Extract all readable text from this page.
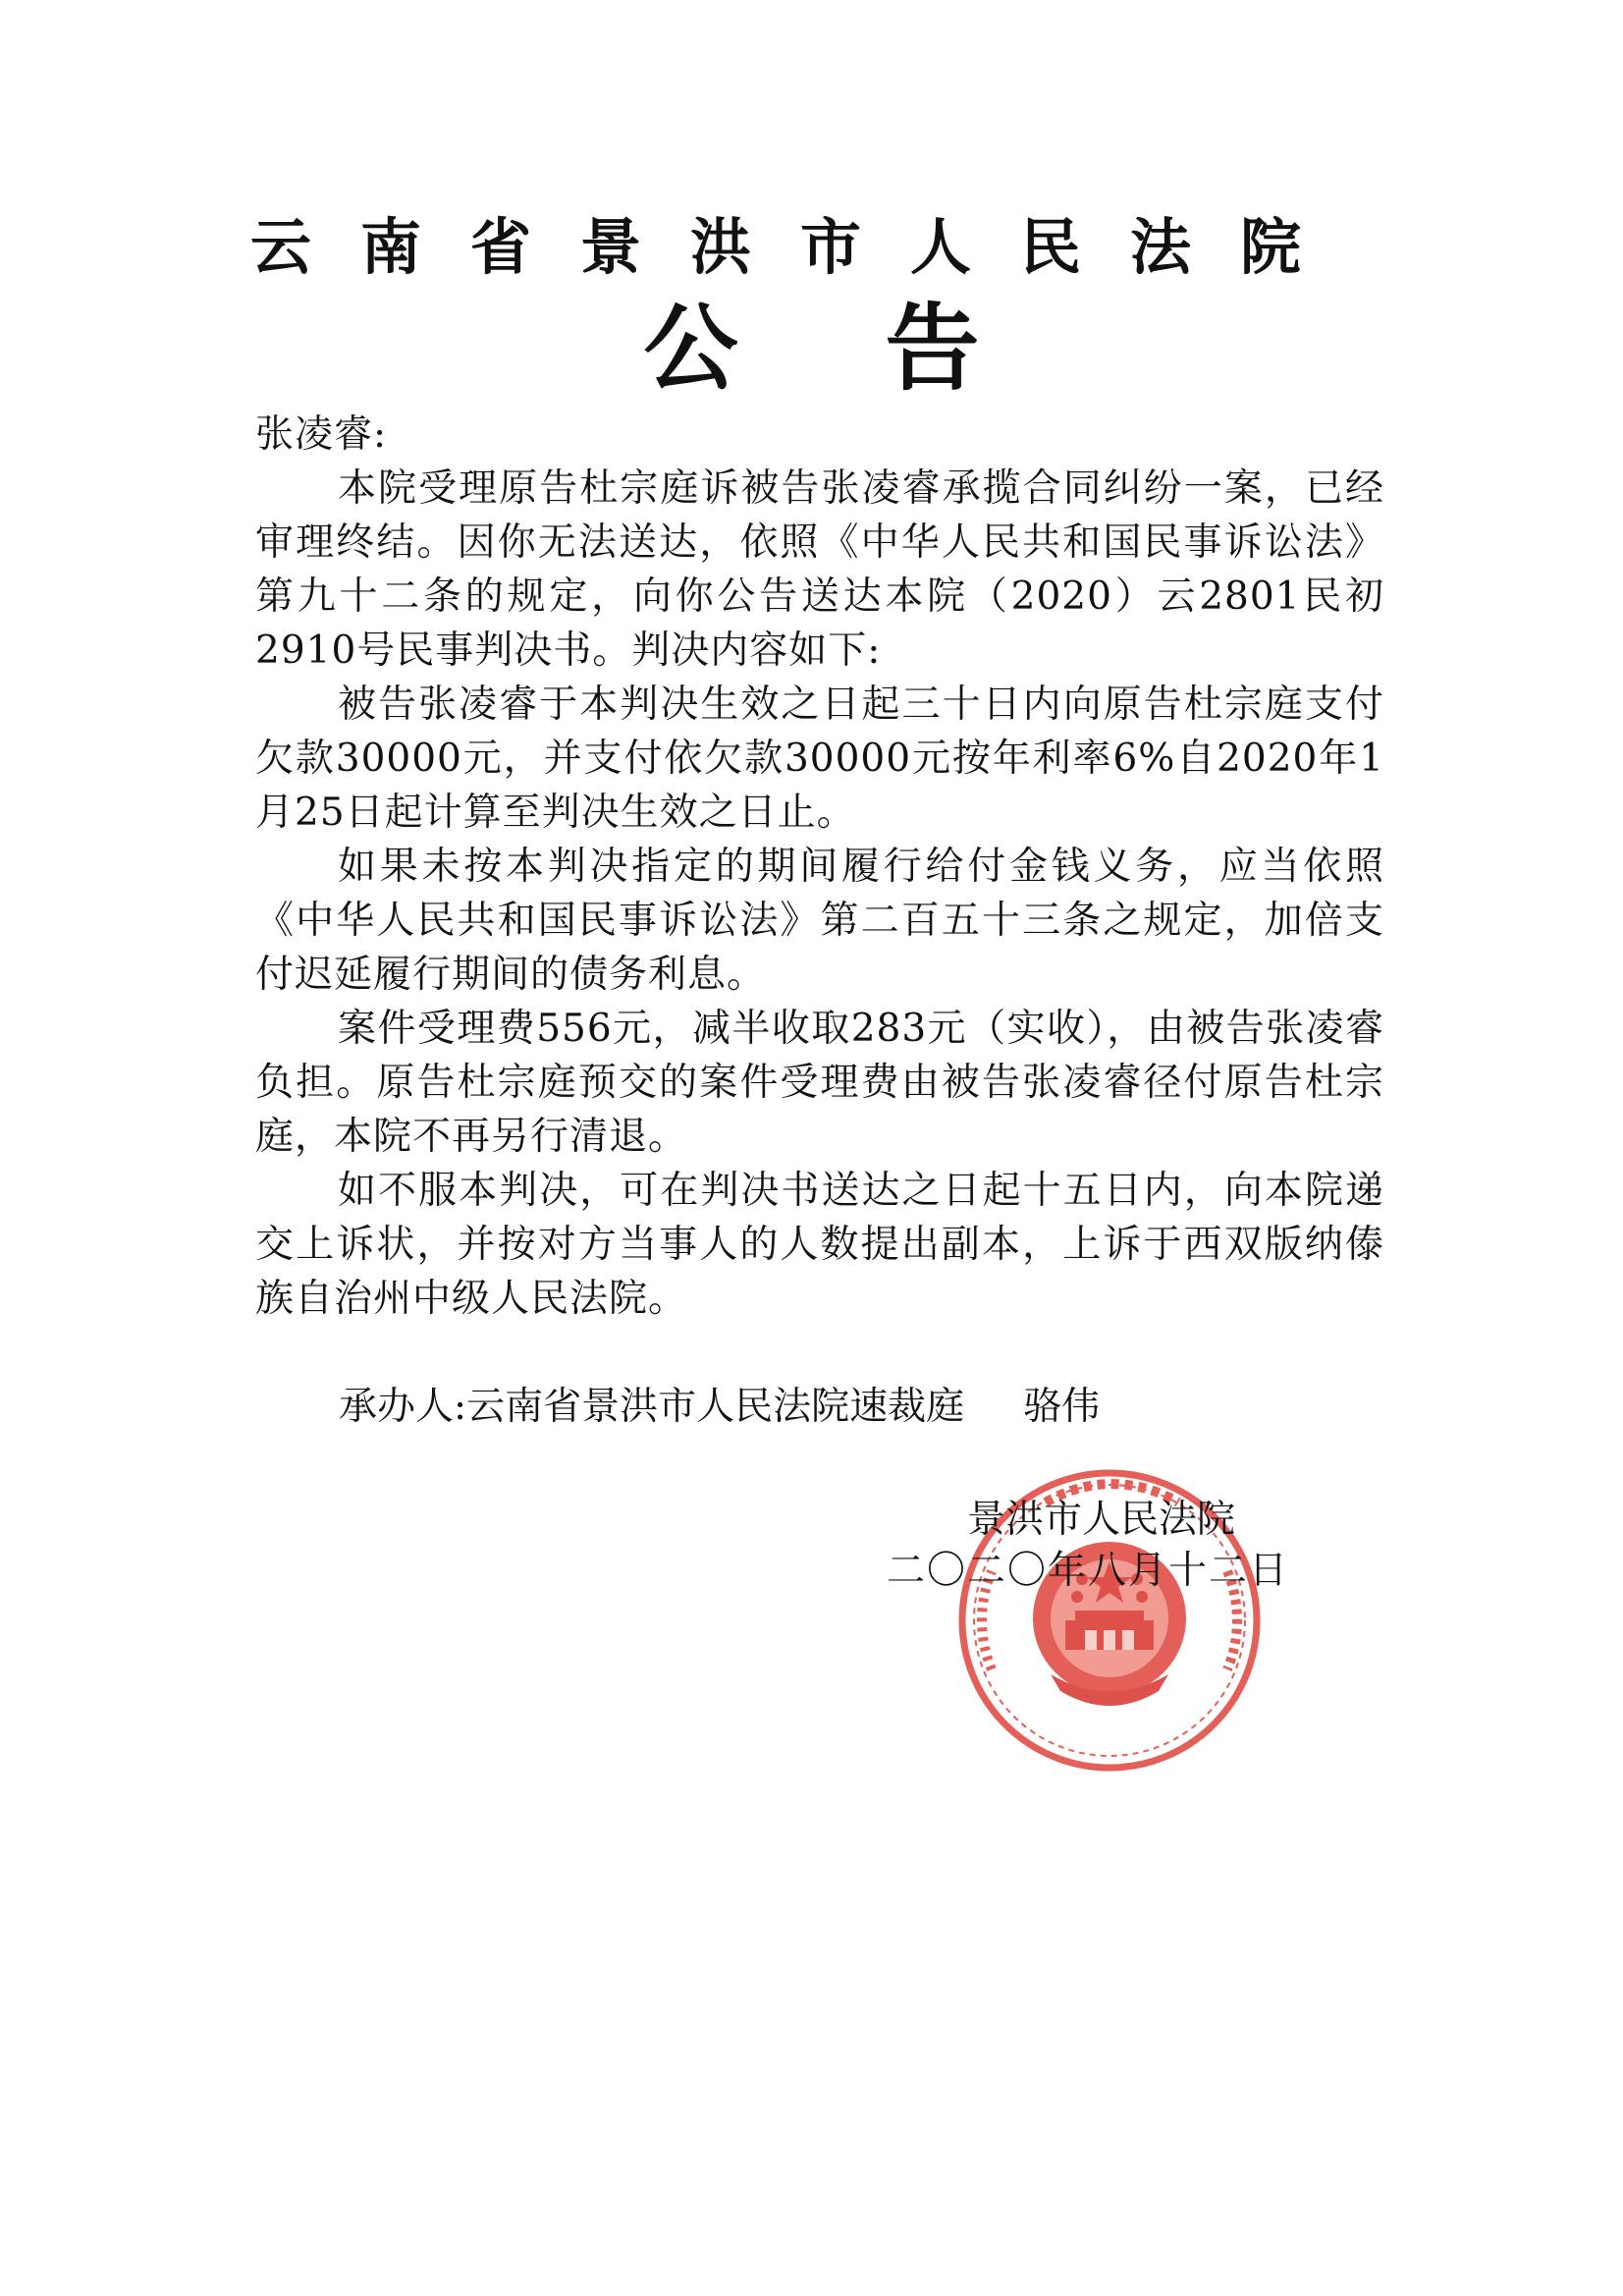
云南省景洪市人民法院
公告

张凌睿:

本院受理原告杜宗庭诉被告张凌睿承揽合同纠纷一案，已经审理终结。因你无法送达，依照《中华人民共和国民事诉讼法》第九十二条的规定，向你公告送达本院（2020）云2801民初2910号民事判决书。判决内容如下:

被告张凌睿于本判决生效之日起三十日内向原告杜宗庭支付欠款30000元，并支付依欠款30000元按年利率6%自2020年1月25日起计算至判决生效之日止。

如果未按本判决指定的期间履行给付金钱义务，应当依照《中华人民共和国民事诉讼法》第二百五十三条之规定，加倍支付迟延履行期间的债务利息。

案件受理费556元，减半收取283元（实收），由被告张凌睿负担。原告杜宗庭预交的案件受理费由被告张凌睿径付原告杜宗庭，本院不再另行清退。

如不服本判决，可在判决书送达之日起十五日内，向本院递交上诉状，并按对方当事人的人数提出副本，上诉于西双版纳傣族自治州中级人民法院。

承办人:云南省景洪市人民法院速裁庭 骆伟
景洪市人民法院
二〇二〇年八月十二日
